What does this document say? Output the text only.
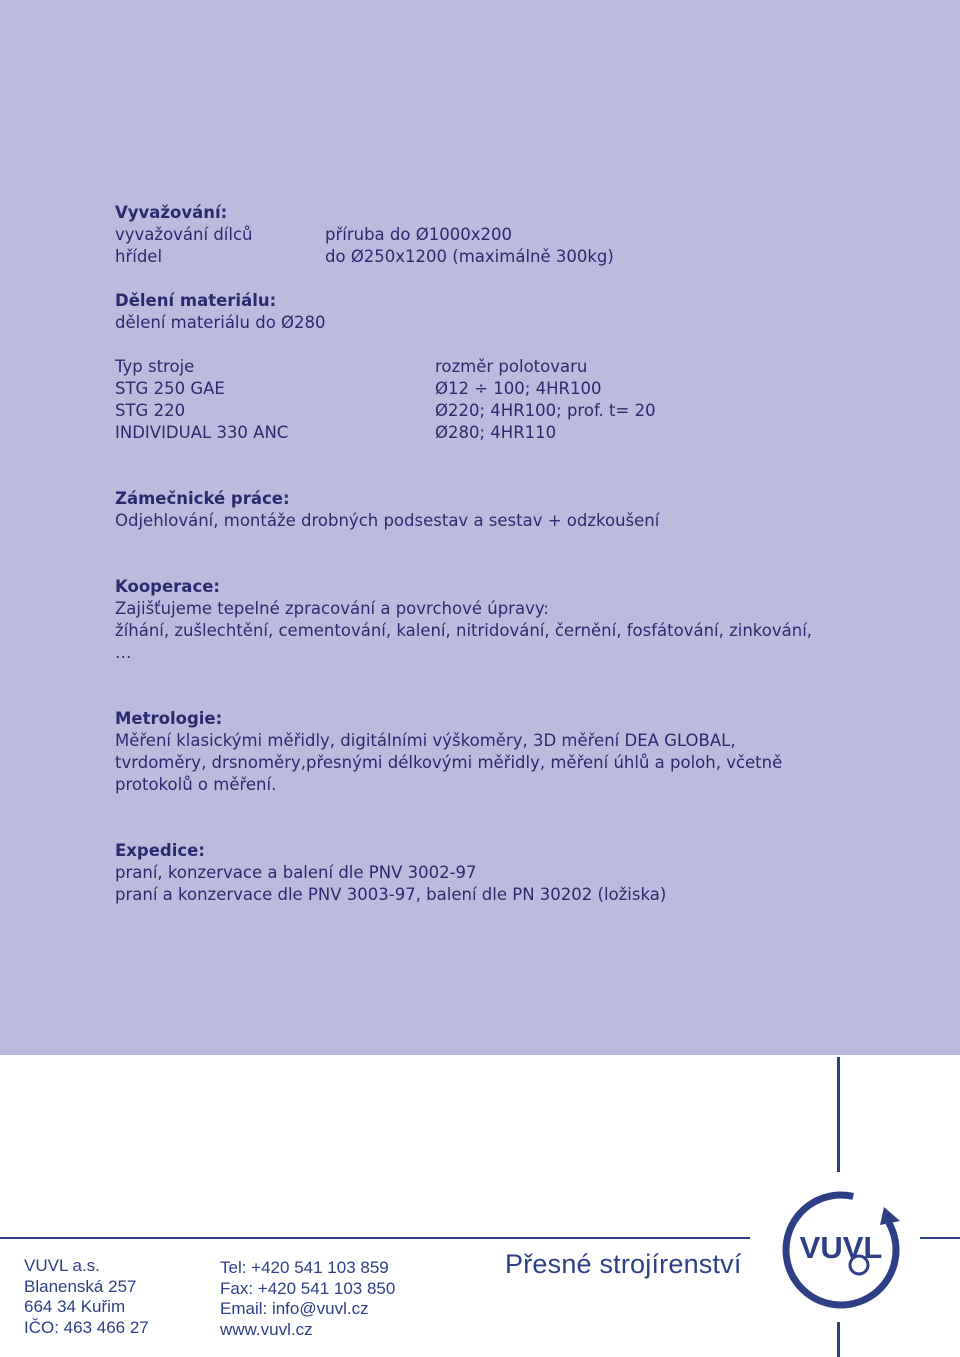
Vyvažování:
vyvažování dílců	příruba do Ø1000x200
hřídel	do Ø250x1200 (maximálně 300kg)
Dělení materiálu:

dělení materiálu do Ø280

Typ stroje	rozměr polotovaru
STG 250 GAE	Ø12 ÷ 100; 4HR100
STG 220	Ø220; 4HR100; prof. t= 20
INDIVIDUAL 330 ANC	Ø280; 4HR110
Zámečnické práce:

Odjehlování, montáže drobných podsestav a sestav + odzkoušení

Kooperace:

Zajišťujeme tepelné zpracování a povrchové úpravy:

žíhání, zušlechtění, cementování, kalení, nitridování, černění, fosfátování, zinkování,

…

Metrologie:

Měření klasickými měřidly, digitálními výškoměry, 3D měření DEA GLOBAL,

tvrdoměry, drsnoměry,přesnými délkovými měřidly, měření úhlů a poloh, včetně

protokolů o měření.

Expedice:

praní, konzervace a balení dle PNV 3002-97

praní a konzervace dle PNV 3003-97, balení dle PN 30202 (ložiska)

VUVL a.s.
Blanenská 257
664 34 Kuřim
IČO: 463 466 27
Tel: +420 541 103 859
Fax: +420 541 103 850
Email: info@vuvl.cz
www.vuvl.cz
Přesné strojírenství VUVL
